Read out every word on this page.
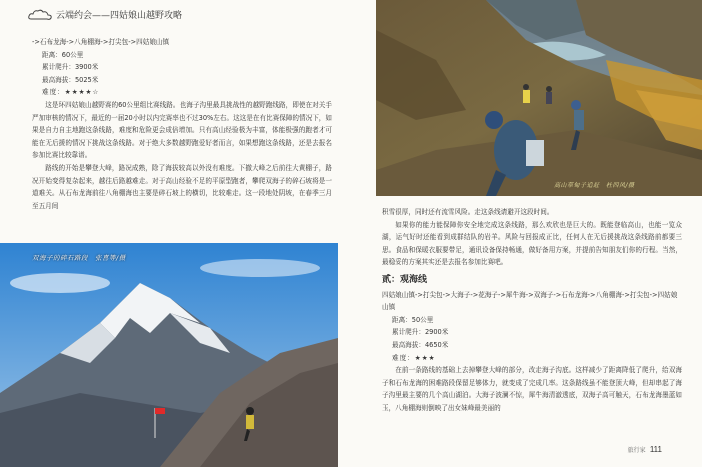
云端约会——四姑娘山越野攻略
高山草甸子追赶　杜四风/摄
->石布龙海->八角棚海->打尖包->四姑娘山镇
距离：60公里
累计爬升：3900米
最高海拔：5025米
难度：★★★★☆

这是环四姑娘山越野赛的60公里组比赛线路。也海子沟里最具挑战性的越野跑线路，即使在对关手严加审核的情况下，最近的一届20小时以内完赛率也不过30%左右。这这是在有比赛保障的情况下，如果是自力自主地跑这条线路，难度和危险更会成倍增加。只有高山经验极为丰富，体能极强的跑者才可能在无后援的情况下挑战这条线路。对于绝大多数越野跑爱好者而言，如果想跑这条线路，还是去报名参加比赛比较靠谱。

路线的开始是攀登大峰，路况成熟，除了海拔较高以外没有难度。下撤大峰之后前往大黄棚子，路况开始变得复杂起来，越往后路越难走。对于高山经验不足的平原型跑者，攀爬双海子的碎石坡将是一道难关。从石布龙海前往八角棚海也主要是碎石坡上的横切，比较难走。这一段地处阴坡，在春季三月至五月间

双海子的碎石路段　张喜等/摄

积雪很厚，同时还有流雪风险。走这条线请避开这段时间。

如果你的能力能保障你安全地完成这条线路，那么欢欣也是巨大的。既能登临高山，也能一览众湖，运气好时还能看到成群结队的岩羊。风险与回报成正比，任何人在无后援挑战这条线路前都要三思。食品和保暖衣服要带足，通讯设备保持畅通，做好备用方案，并提前告知朋友们你的行程。当然，最稳妥的方案其实还是去报名参加比赛吧。

贰：观海线
四姑娘山镇->打尖包->大海子->花海子->犀牛海->双海子->石布龙海->八角棚海->打尖包->四姑娘山镇
距离：50公里
累计爬升：2900米
最高海拔：4650米
难度：★★★

在前一条路线的基础上去掉攀登大峰的部分，改走海子沟底。这样减少了距离降低了爬升，给双海子和石布龙海的困难路段保留足够体力，就变成了完成几率。这条路线虽不能登顶大峰，但却串起了海子沟里最主要的几个高山湖泊。大海子波澜不惊，犀牛海清澈透底，双海子高可触天，石布龙海墨蓝如玉，八角棚海则倒映了出女妹峰最美丽的

旅行家 111
